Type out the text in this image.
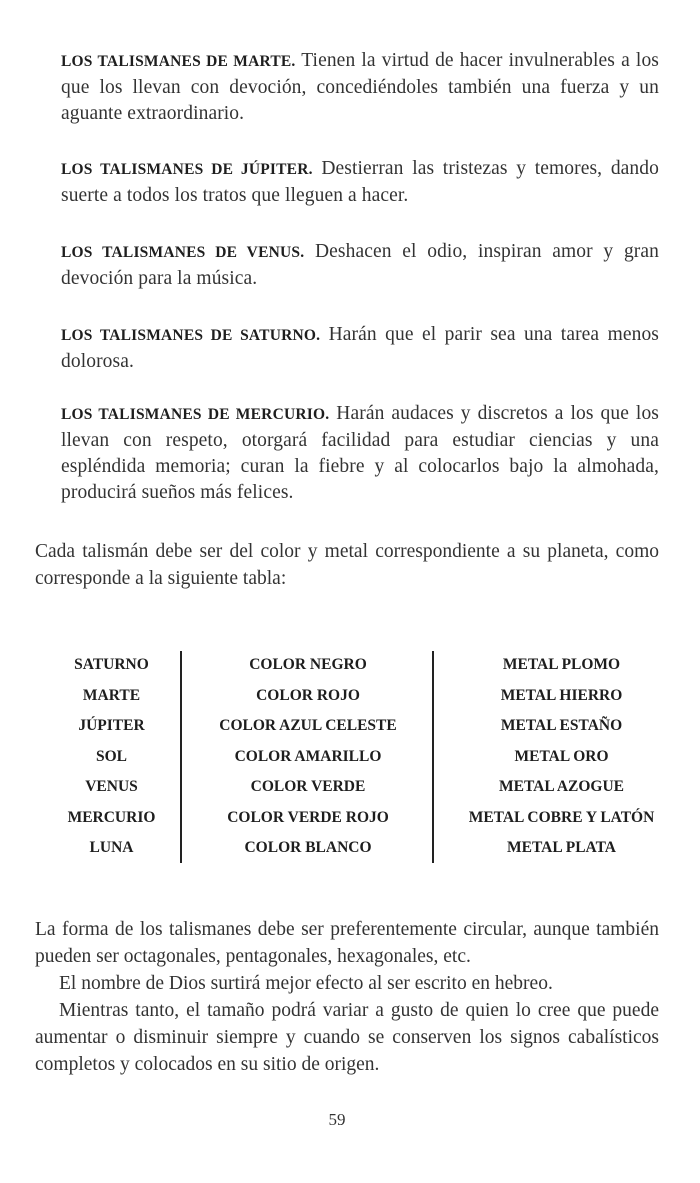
LOS TALISMANES DE MARTE. Tienen la virtud de hacer invulnerables a los que los llevan con devoción, concediéndoles también una fuerza y un aguante extraordinario.

LOS TALISMANES DE JÚPITER. Destierran las tristezas y temores, dando suerte a todos los tratos que lleguen a hacer.

LOS TALISMANES DE VENUS. Deshacen el odio, inspiran amor y gran devoción para la música.

LOS TALISMANES DE SATURNO. Harán que el parir sea una tarea menos dolorosa.

LOS TALISMANES DE MERCURIO. Harán audaces y discretos a los que los llevan con respeto, otorgará facilidad para estudiar ciencias y una espléndida memoria; curan la fiebre y al colocarlos bajo la almohada, producirá sueños más felices.

Cada talismán debe ser del color y metal correspondiente a su planeta, como corresponde a la siguiente tabla:

SATURNO
MARTE
JÚPITER
SOL
VENUS
MERCURIO
LUNA
COLOR NEGRO
COLOR ROJO
COLOR AZUL CELESTE
COLOR AMARILLO
COLOR VERDE
COLOR VERDE ROJO
COLOR BLANCO
METAL PLOMO
METAL HIERRO
METAL ESTAÑO
METAL ORO
METAL AZOGUE
METAL COBRE Y LATÓN
METAL PLATA

La forma de los talismanes debe ser preferentemente circular, aunque también pueden ser octagonales, pentagonales, hexagonales, etc.

El nombre de Dios surtirá mejor efecto al ser escrito en hebreo.

Mientras tanto, el tamaño podrá variar a gusto de quien lo cree que puede aumentar o disminuir siempre y cuando se conserven los signos cabalísticos completos y colocados en su sitio de origen.

59
